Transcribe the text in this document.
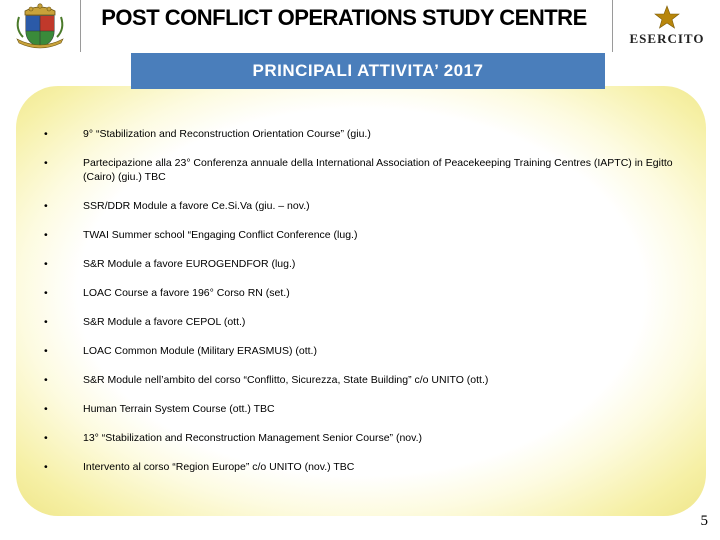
POST CONFLICT OPERATIONS STUDY CENTRE
ESERCITO
PRINCIPALI ATTIVITA’ 2017
•	9° “Stabilization and Reconstruction Orientation Course” (giu.)
•	Partecipazione alla 23° Conferenza annuale della International Association of Peacekeeping Training Centres (IAPTC) in Egitto (Cairo) (giu.) TBC
•	SSR/DDR Module a favore Ce.Si.Va (giu. – nov.)
•	TWAI Summer school “Engaging Conflict Conference (lug.)
•	S&R Module a favore EUROGENDFOR (lug.)
•	LOAC Course a favore 196° Corso RN (set.)
•	S&R Module a favore CEPOL (ott.)
•	LOAC Common Module (Military ERASMUS) (ott.)
•	S&R Module nell’ambito del corso “Conflitto, Sicurezza, State Building” c/o UNITO (ott.)
•	Human Terrain System Course (ott.) TBC
•	13° “Stabilization and Reconstruction Management Senior Course” (nov.)
•	Intervento al corso “Region Europe” c/o UNITO (nov.) TBC
5
